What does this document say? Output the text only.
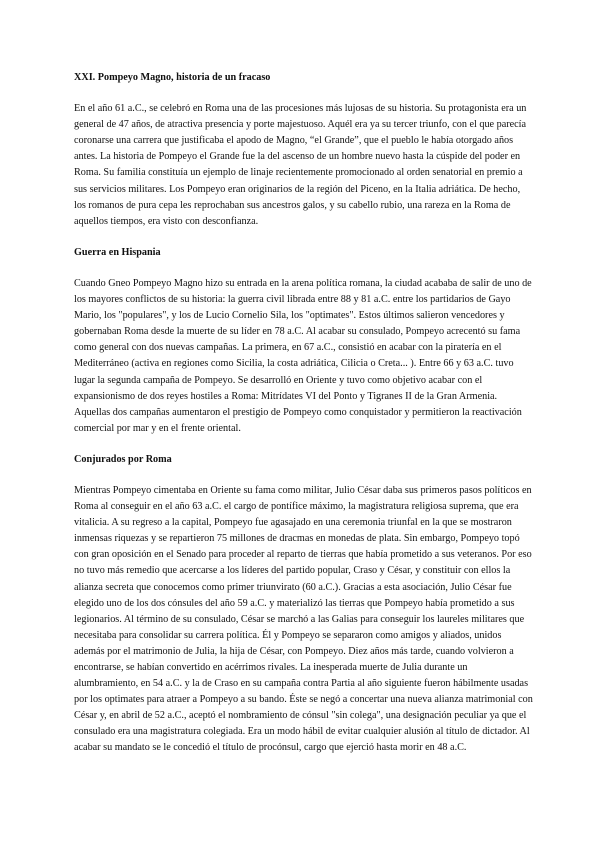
XXI. Pompeyo Magno, historia de un fracaso

En el año 61 a.C., se celebró en Roma una de las procesiones más lujosas de su historia. Su protagonista era un general de 47 años, de atractiva presencia y porte majestuoso. Aquél era ya su tercer triunfo, con el que parecía coronarse una carrera que justificaba el apodo de Magno, “el Grande”, que el pueblo le había otorgado años antes. La historia de Pompeyo el Grande fue la del ascenso de un hombre nuevo hasta la cúspide del poder en Roma. Su familia constituía un ejemplo de linaje recientemente promocionado al orden senatorial en premio a sus servicios militares. Los Pompeyo eran originarios de la región del Piceno, en la Italia adriática. De hecho, los romanos de pura cepa les reprochaban sus ancestros galos, y su cabello rubio, una rareza en la Roma de aquellos tiempos, era visto con desconfianza.

Guerra en Hispania

Cuando Gneo Pompeyo Magno hizo su entrada en la arena política romana, la ciudad acababa de salir de uno de los mayores conflictos de su historia: la guerra civil librada entre 88 y 81 a.C. entre los partidarios de Gayo Mario, los "populares", y los de Lucio Cornelio Sila, los "optimates". Estos últimos salieron vencedores y gobernaban Roma desde la muerte de su líder en 78 a.C. Al acabar su consulado, Pompeyo acrecentó su fama como general con dos nuevas campañas. La primera, en 67 a.C., consistió en acabar con la piratería en el Mediterráneo (activa en regiones como Sicilia, la costa adriática, Cilicia o Creta... ). Entre 66 y 63 a.C. tuvo lugar la segunda campaña de Pompeyo. Se desarrolló en Oriente y tuvo como objetivo acabar con el expansionismo de dos reyes hostiles a Roma: Mitrídates VI del Ponto y Tigranes II de la Gran Armenia. Aquellas dos campañas aumentaron el prestigio de Pompeyo como conquistador y permitieron la reactivación comercial por mar y en el frente oriental.

Conjurados por Roma

Mientras Pompeyo cimentaba en Oriente su fama como militar, Julio César daba sus primeros pasos políticos en Roma al conseguir en el año 63 a.C. el cargo de pontífice máximo, la magistratura religiosa suprema, que era vitalicia. A su regreso a la capital, Pompeyo fue agasajado en una ceremonia triunfal en la que se mostraron inmensas riquezas y se repartieron 75 millones de dracmas en monedas de plata. Sin embargo, Pompeyo topó con gran oposición en el Senado para proceder al reparto de tierras que había prometido a sus veteranos. Por eso no tuvo más remedio que acercarse a los líderes del partido popular, Craso y César, y constituir con ellos la alianza secreta que conocemos como primer triunvirato (60 a.C.). Gracias a esta asociación, Julio César fue elegido uno de los dos cónsules del año 59 a.C. y materializó las tierras que Pompeyo había prometido a sus legionarios. Al término de su consulado, César se marchó a las Galias para conseguir los laureles militares que necesitaba para consolidar su carrera política. Él y Pompeyo se separaron como amigos y aliados, unidos además por el matrimonio de Julia, la hija de César, con Pompeyo. Diez años más tarde, cuando volvieron a encontrarse, se habían convertido en acérrimos rivales. La inesperada muerte de Julia durante un alumbramiento, en 54 a.C. y la de Craso en su campaña contra Partia al año siguiente fueron hábilmente usadas por los optimates para atraer a Pompeyo a su bando. Éste se negó a concertar una nueva alianza matrimonial con César y, en abril de 52 a.C., aceptó el nombramiento de cónsul "sin colega", una designación peculiar ya que el consulado era una magistratura colegiada. Era un modo hábil de evitar cualquier alusión al título de dictador. Al acabar su mandato se le concedió el título de procónsul, cargo que ejerció hasta morir en 48 a.C.
